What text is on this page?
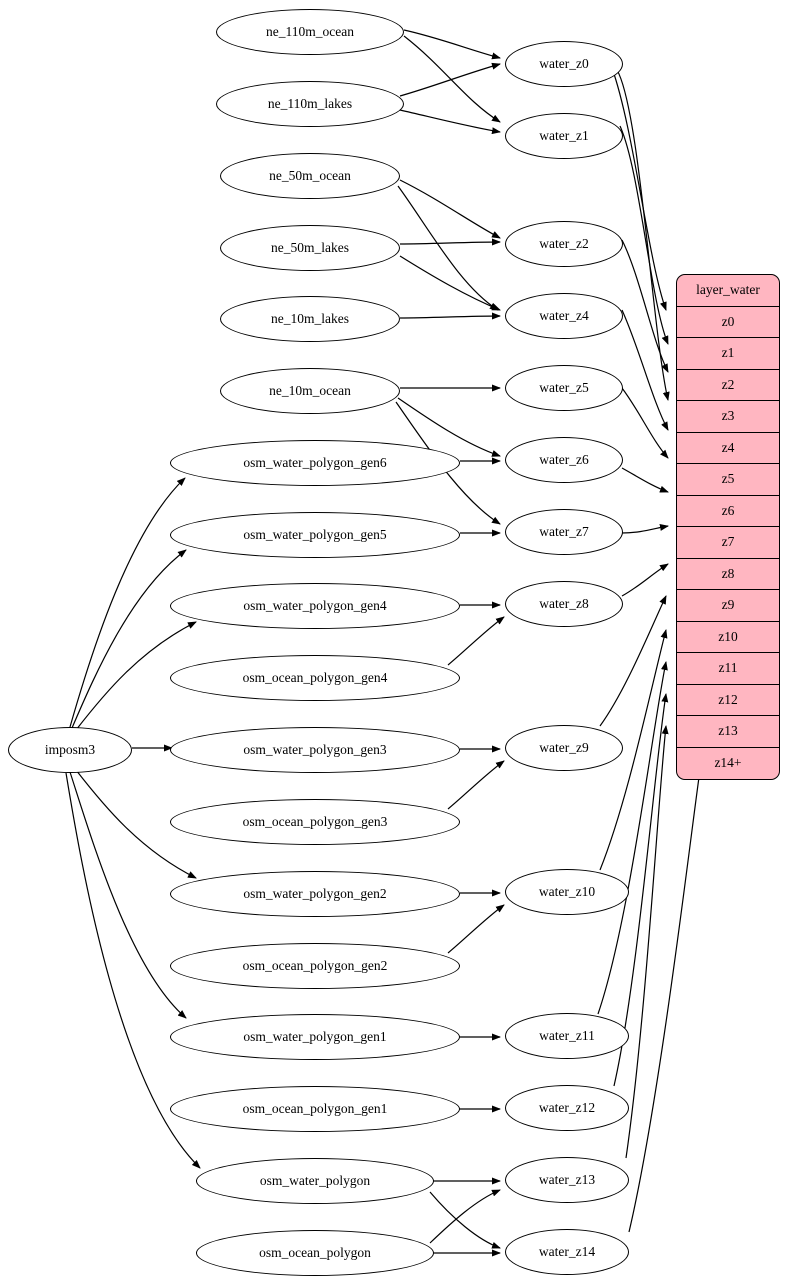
imposm3
ne_110m_ocean
ne_110m_lakes
ne_50m_ocean
ne_50m_lakes
ne_10m_lakes
ne_10m_ocean
osm_water_polygon_gen6
osm_water_polygon_gen5
osm_water_polygon_gen4
osm_ocean_polygon_gen4
osm_water_polygon_gen3
osm_ocean_polygon_gen3
osm_water_polygon_gen2
osm_ocean_polygon_gen2
osm_water_polygon_gen1
osm_ocean_polygon_gen1
osm_water_polygon
osm_ocean_polygon
water_z0
water_z1
water_z2
water_z4
water_z5
water_z6
water_z7
water_z8
water_z9
water_z10
water_z11
water_z12
water_z13
water_z14
layer_water
z0
z1
z2
z3
z4
z5
z6
z7
z8
z9
z10
z11
z12
z13
z14+
